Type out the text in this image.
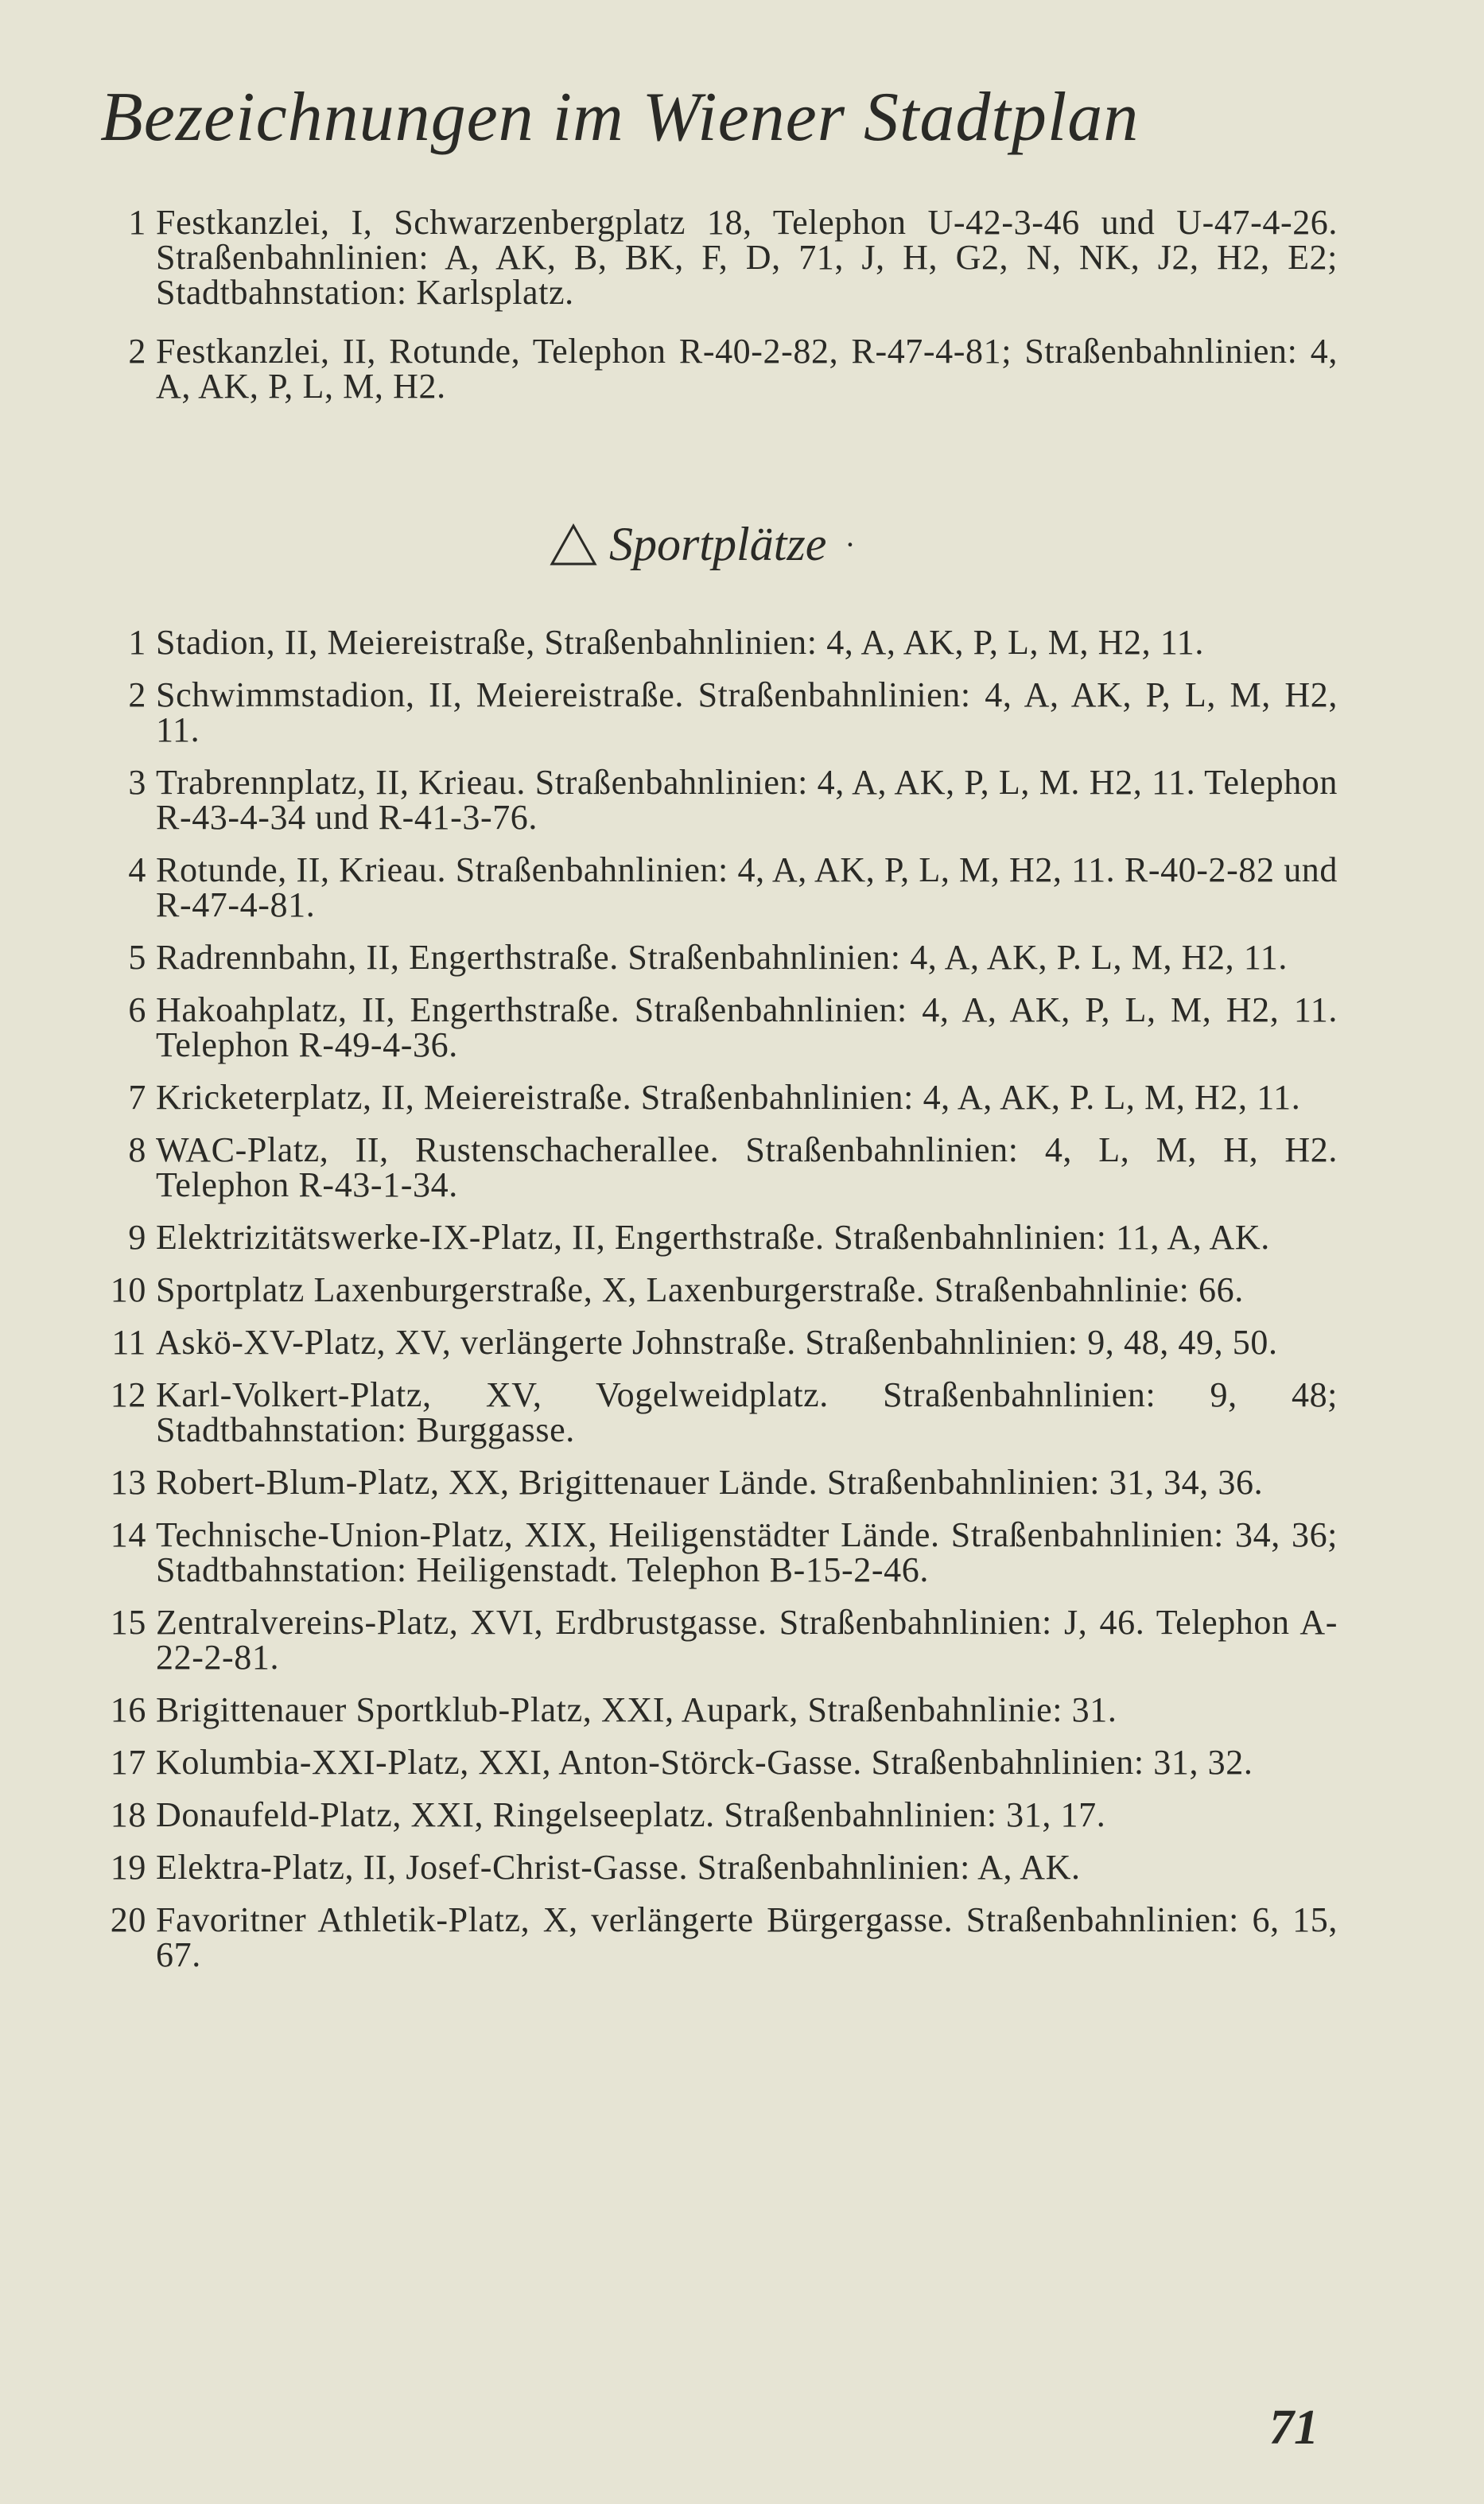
Bezeichnungen im Wiener Stadtplan
1 Festkanzlei, I, Schwarzenbergplatz 18, Telephon U-42-3-46 und U-47-4-26. Straßenbahnlinien: A, AK, B, BK, F, D, 71, J, H, G2, N, NK, J2, H2, E2; Stadtbahnstation: Karlsplatz.
2 Festkanzlei, II, Rotunde, Telephon R-40-2-82, R-47-4-81; Straßenbahnlinien: 4, A, AK, P, L, M, H2.
Sportplätze ·
1 Stadion, II, Meiereistraße, Straßenbahnlinien: 4, A, AK, P, L, M, H2, 11.
2 Schwimmstadion, II, Meiereistraße. Straßenbahnlinien: 4, A, AK, P, L, M, H2, 11.
3 Trabrennplatz, II, Krieau. Straßenbahnlinien: 4, A, AK, P, L, M. H2, 11. Telephon R-43-4-34 und R-41-3-76.
4 Rotunde, II, Krieau. Straßenbahnlinien: 4, A, AK, P, L, M, H2, 11. R-40-2-82 und R-47-4-81.
5 Radrennbahn, II, Engerthstraße. Straßenbahnlinien: 4, A, AK, P. L, M, H2, 11.
6 Hakoahplatz, II, Engerthstraße. Straßenbahnlinien: 4, A, AK, P, L, M, H2, 11. Telephon R-49-4-36.
7 Kricketerplatz, II, Meiereistraße. Straßenbahnlinien: 4, A, AK, P. L, M, H2, 11.
8 WAC-Platz, II, Rustenschacherallee. Straßenbahnlinien: 4, L, M, H, H2. Telephon R-43-1-34.
9 Elektrizitätswerke-IX-Platz, II, Engerthstraße. Straßenbahnlinien: 11, A, AK.
10 Sportplatz Laxenburgerstraße, X, Laxenburgerstraße. Straßenbahnlinie: 66.
11 Askö-XV-Platz, XV, verlängerte Johnstraße. Straßenbahnlinien: 9, 48, 49, 50.
12 Karl-Volkert-Platz, XV, Vogelweidplatz. Straßenbahnlinien: 9, 48; Stadtbahnstation: Burggasse.
13 Robert-Blum-Platz, XX, Brigittenauer Lände. Straßenbahnlinien: 31, 34, 36.
14 Technische-Union-Platz, XIX, Heiligenstädter Lände. Straßenbahnlinien: 34, 36; Stadtbahnstation: Heiligenstadt. Telephon B-15-2-46.
15 Zentralvereins-Platz, XVI, Erdbrustgasse. Straßenbahnlinien: J, 46. Telephon A-22-2-81.
16 Brigittenauer Sportklub-Platz, XXI, Aupark, Straßenbahnlinie: 31.
17 Kolumbia-XXI-Platz, XXI, Anton-Störck-Gasse. Straßenbahnlinien: 31, 32.
18 Donaufeld-Platz, XXI, Ringelseeplatz. Straßenbahnlinien: 31, 17.
19 Elektra-Platz, II, Josef-Christ-Gasse. Straßenbahnlinien: A, AK.
20 Favoritner Athletik-Platz, X, verlängerte Bürgergasse. Straßenbahnlinien: 6, 15, 67.
71
